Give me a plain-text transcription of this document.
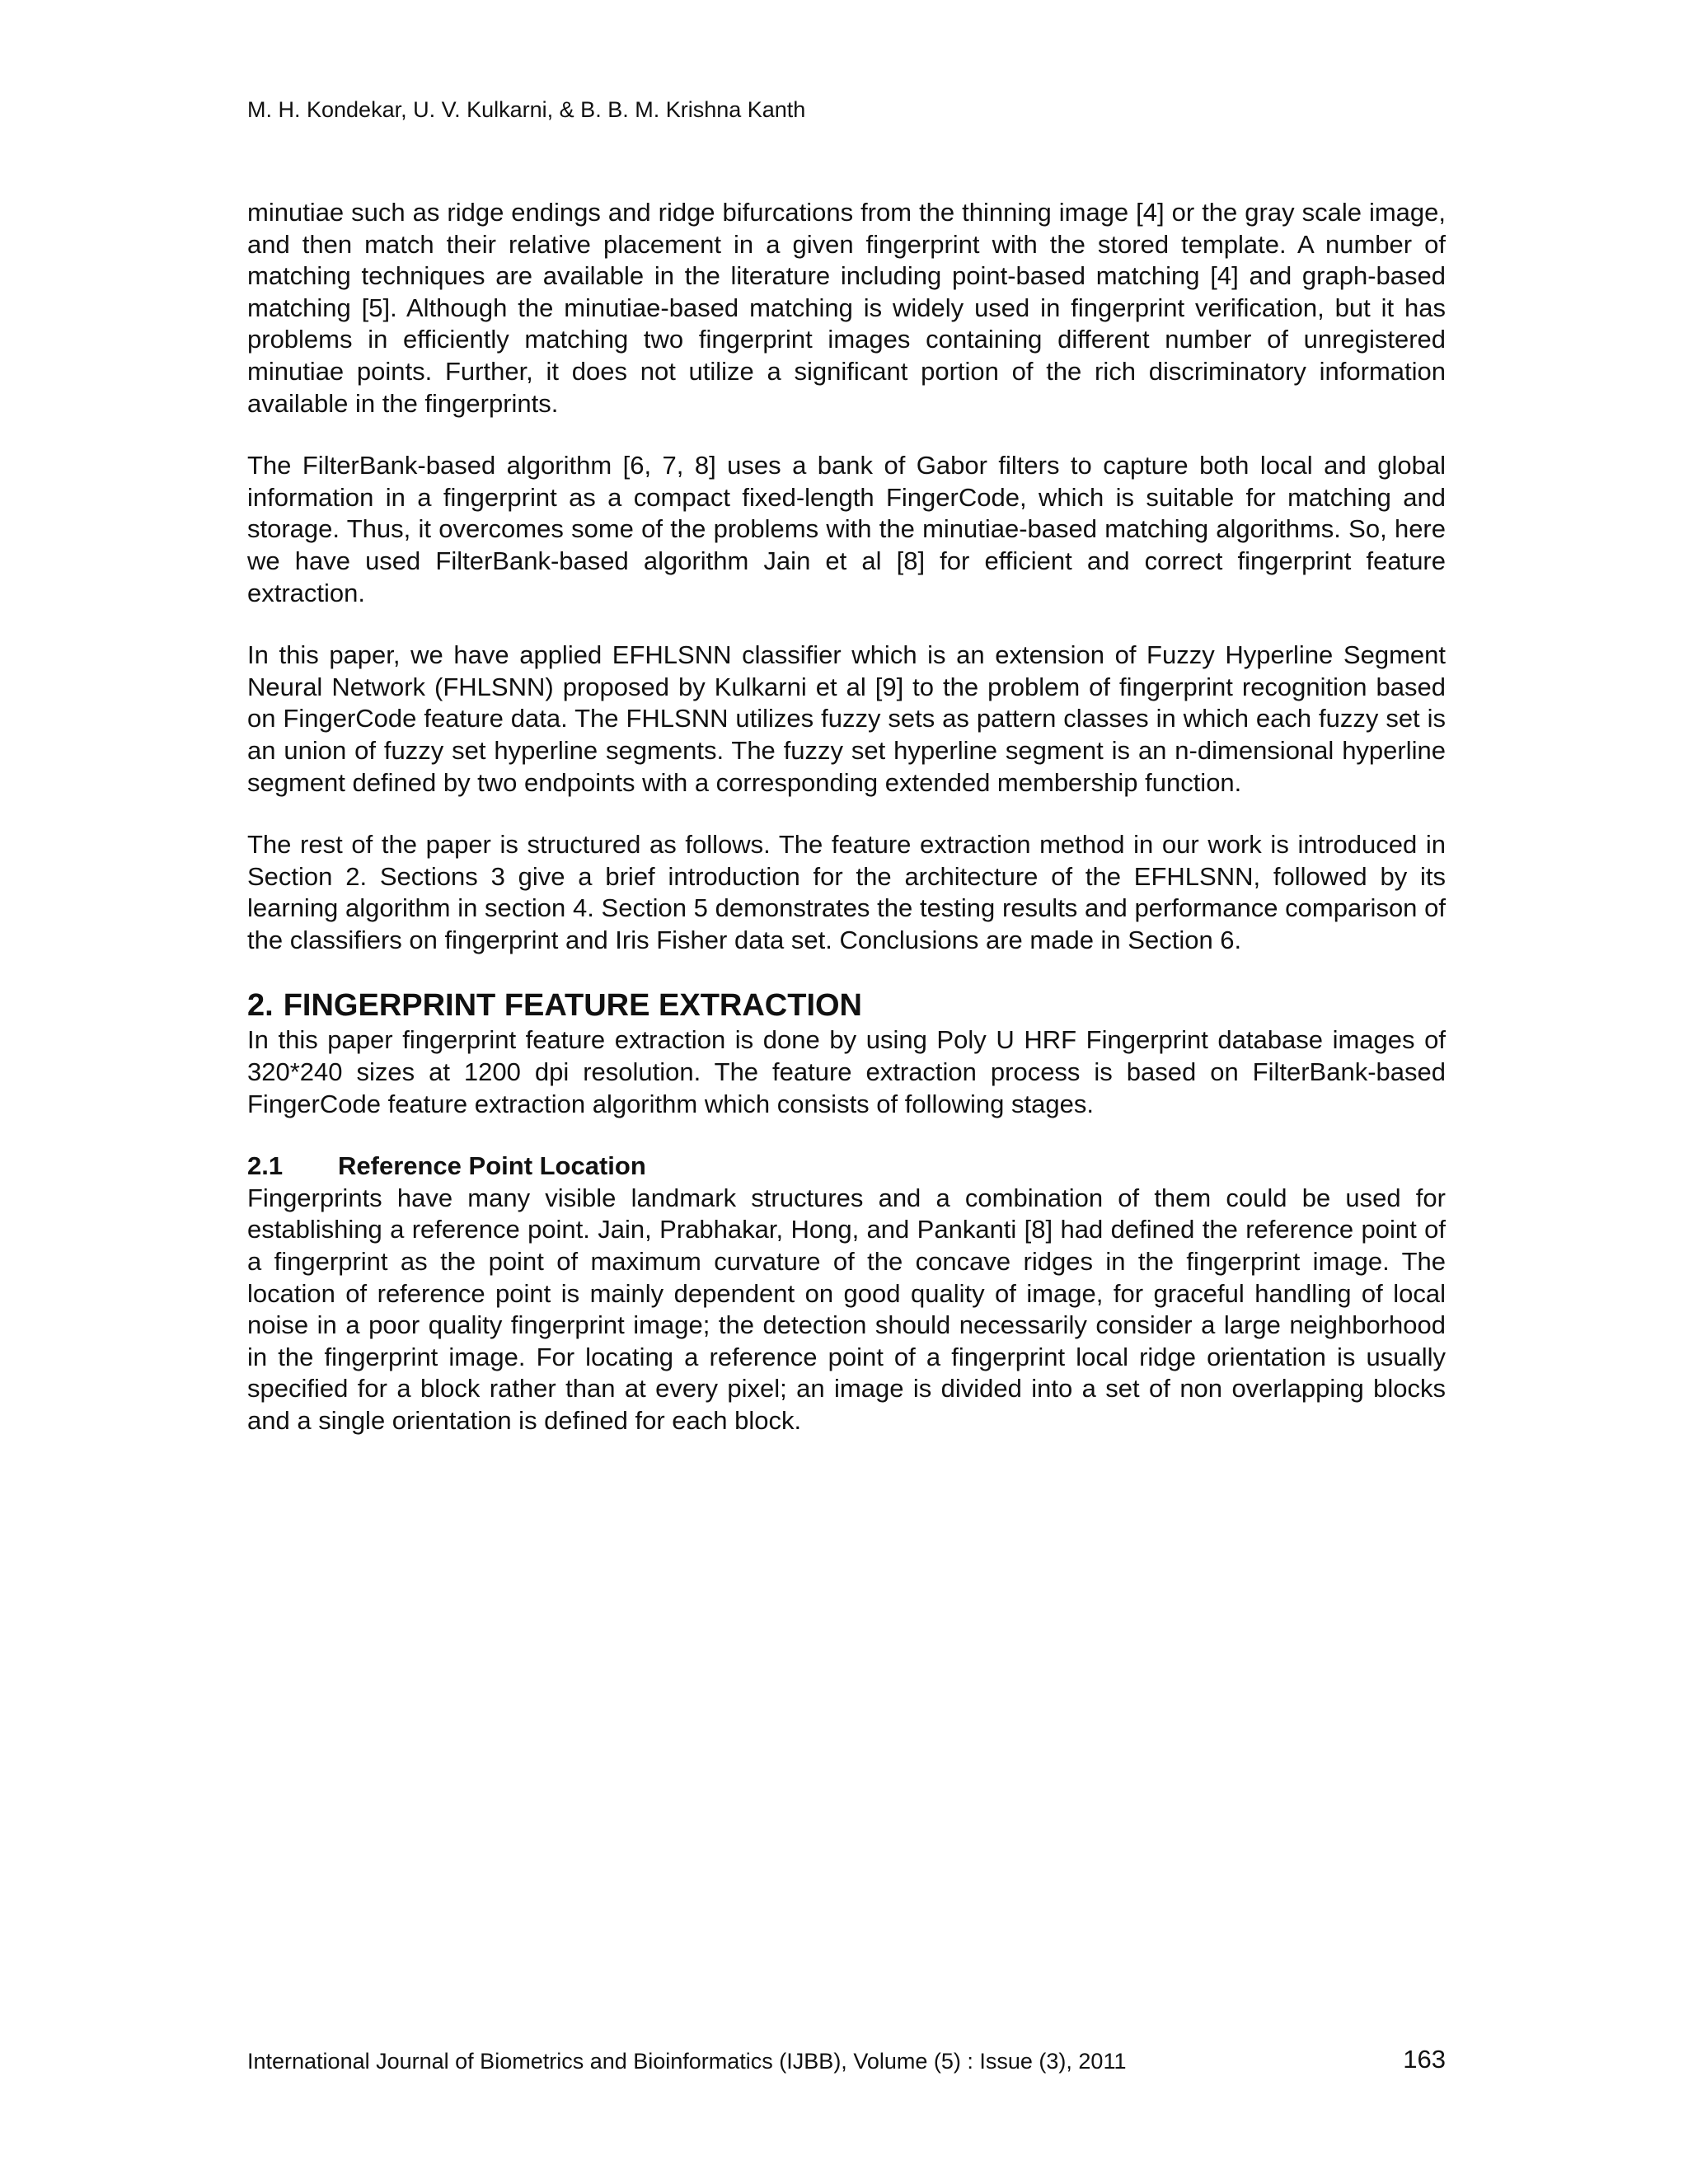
M. H. Kondekar, U. V. Kulkarni, & B. B. M. Krishna Kanth

minutiae such as ridge endings and ridge bifurcations from the thinning image [4] or the gray scale image, and then match their relative placement in a given fingerprint with the stored template. A number of matching techniques are available in the literature including point-based matching [4] and graph-based matching [5]. Although the minutiae-based matching is widely used in fingerprint verification, but it has problems in efficiently matching two fingerprint images containing different number of unregistered minutiae points. Further, it does not utilize a significant portion of the rich discriminatory information available in the fingerprints.

The FilterBank-based algorithm [6, 7, 8] uses a bank of Gabor filters to capture both local and global information in a fingerprint as a compact fixed-length FingerCode, which is suitable for matching and storage. Thus, it overcomes some of the problems with the minutiae-based matching algorithms. So, here we have used FilterBank-based algorithm Jain et al [8] for efficient and correct fingerprint feature extraction.

In this paper, we have applied EFHLSNN classifier which is an extension of Fuzzy Hyperline Segment Neural Network (FHLSNN) proposed by Kulkarni et al [9] to the problem of fingerprint recognition based on FingerCode feature data. The FHLSNN utilizes fuzzy sets as pattern classes in which each fuzzy set is an union of fuzzy set hyperline segments. The fuzzy set hyperline segment is an n-dimensional hyperline segment defined by two endpoints with a corresponding extended membership function.

The rest of the paper is structured as follows. The feature extraction method in our work is introduced in Section 2. Sections 3 give a brief introduction for the architecture of the EFHLSNN, followed by its learning algorithm in section 4. Section 5 demonstrates the testing results and performance comparison of the classifiers on fingerprint and Iris Fisher data set. Conclusions are made in Section 6.

2. FINGERPRINT FEATURE EXTRACTION

In this paper fingerprint feature extraction is done by using Poly U HRF Fingerprint database images of 320*240 sizes at 1200 dpi resolution. The feature extraction process is based on FilterBank-based FingerCode feature extraction algorithm which consists of following stages.

2.1 Reference Point Location

Fingerprints have many visible landmark structures and a combination of them could be used for establishing a reference point. Jain, Prabhakar, Hong, and Pankanti [8] had defined the reference point of a fingerprint as the point of maximum curvature of the concave ridges in the fingerprint image. The location of reference point is mainly dependent on good quality of image, for graceful handling of local noise in a poor quality fingerprint image; the detection should necessarily consider a large neighborhood in the fingerprint image. For locating a reference point of a fingerprint local ridge orientation is usually specified for a block rather than at every pixel; an image is divided into a set of non overlapping blocks and a single orientation is defined for each block.

International Journal of Biometrics and Bioinformatics (IJBB), Volume (5) : Issue (3), 2011	163
